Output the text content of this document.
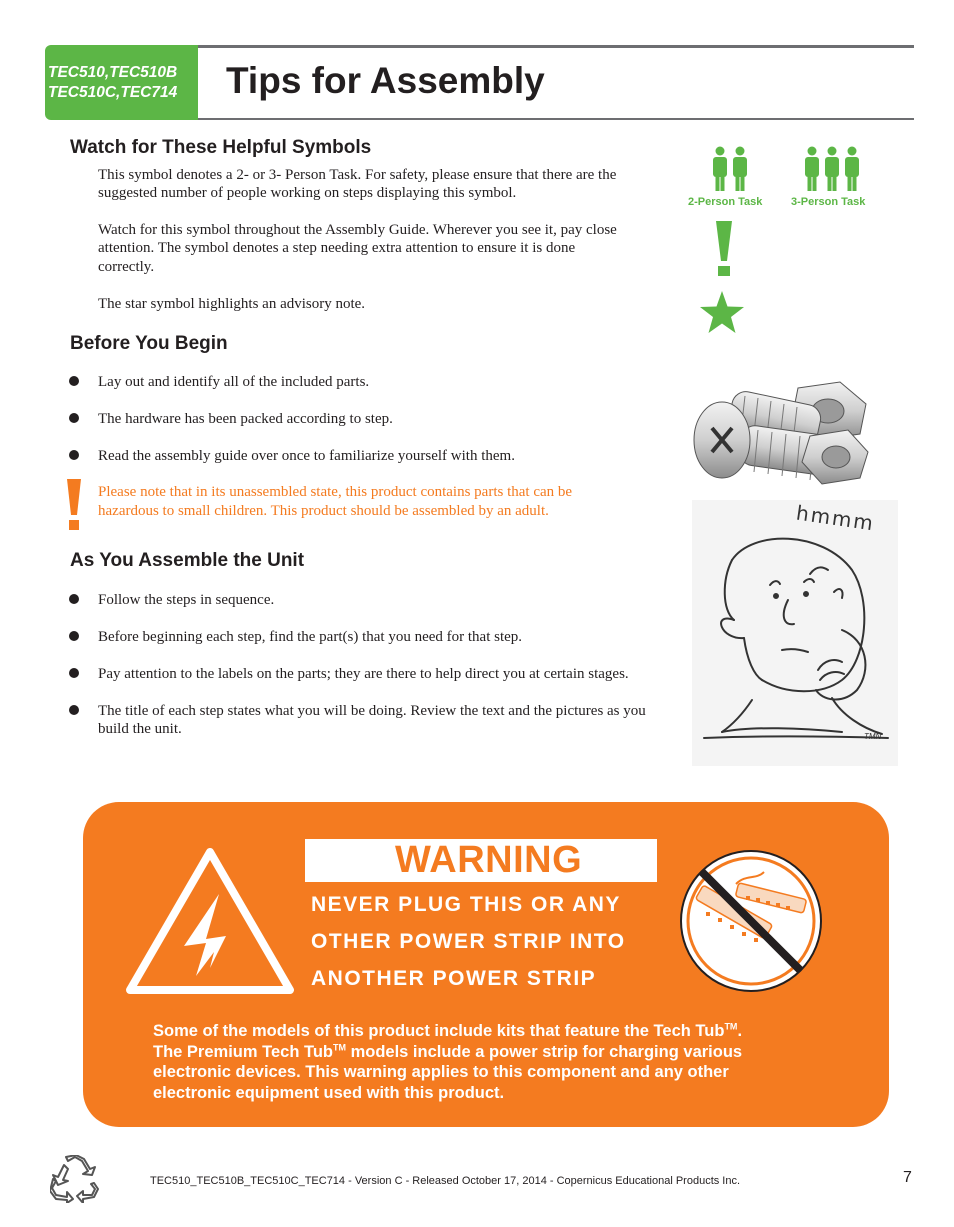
TEC510,TEC510B
TEC510C,TEC714 Tips for Assembly
Watch for These Helpful Symbols
This symbol denotes a 2- or 3- Person Task. For safety, please ensure that there are the
suggested number of people working on steps displaying this symbol.
Watch for this symbol throughout the Assembly Guide. Wherever you see it, pay close
attention. The symbol denotes a step needing extra attention to ensure it is done
correctly.
The star symbol highlights an advisory note.
2-Person Task	3-Person Task
Before You Begin
Lay out and identify all of the included parts.
The hardware has been packed according to step.
Read the assembly guide over once to familiarize yourself with them.
Please note that in its unassembled state, this product contains parts that can be
hazardous to small children. This product should be assembled by an adult.
As You Assemble the Unit
Follow the steps in sequence.
Before beginning each step, find the part(s) that you need for that step.
Pay attention to the labels on the parts; they are there to help direct you at certain stages.
The title of each step states what you will be doing. Review the text and the pictures as you
build the unit.
hmmm
TMN
WARNING
NEVER PLUG THIS OR ANY
OTHER POWER STRIP INTO
ANOTHER POWER STRIP
Some of the models of this product include kits that feature the Tech Tub™.
The Premium Tech Tub™ models include a power strip for charging various
electronic devices. This warning applies to this component and any other
electronic equipment used with this product.
TEC510_TEC510B_TEC510C_TEC714 - Version C - Released October 17, 2014 - Copernicus Educational Products Inc.	7
